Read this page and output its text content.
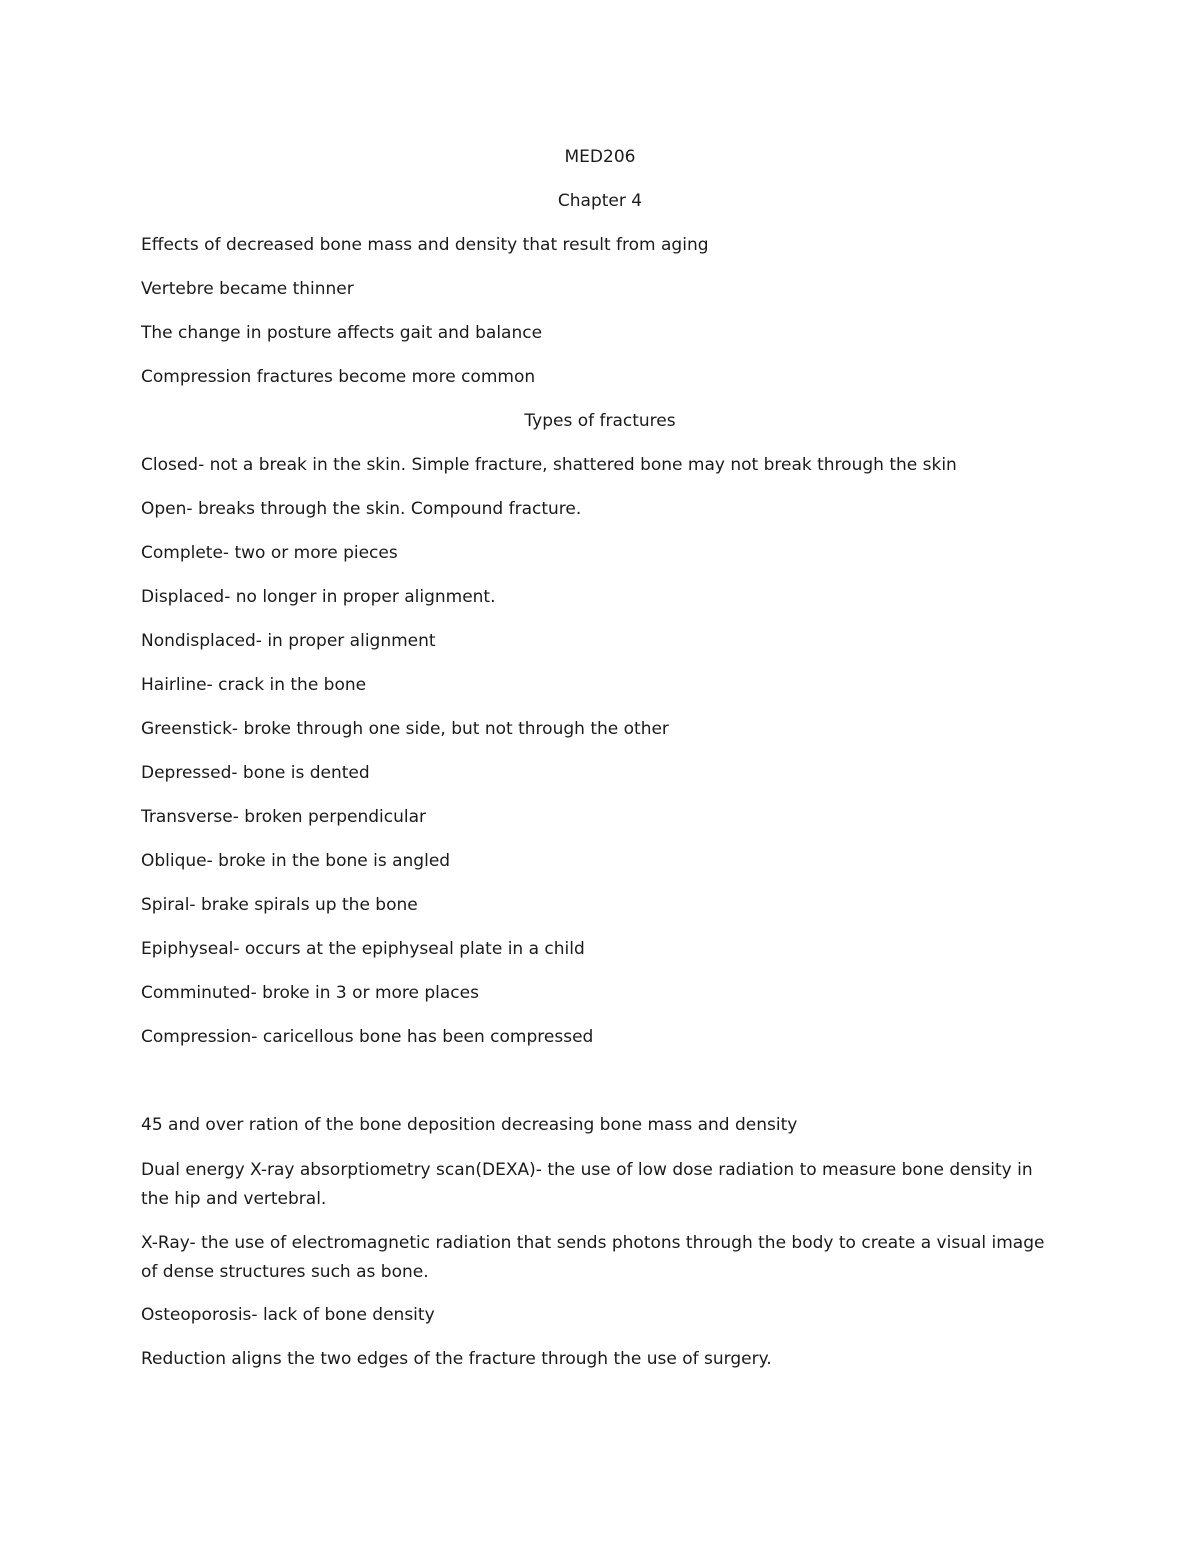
MED206

Chapter 4

Effects of decreased bone mass and density that result from aging

Vertebre became thinner

The change in posture affects gait and balance

Compression fractures become more common

Types of fractures

Closed- not a break in the skin. Simple fracture, shattered bone may not break through the skin

Open- breaks through the skin. Compound fracture.

Complete- two or more pieces

Displaced- no longer in proper alignment.

Nondisplaced- in proper alignment

Hairline- crack in the bone

Greenstick- broke through one side, but not through the other

Depressed- bone is dented

Transverse- broken perpendicular

Oblique- broke in the bone is angled

Spiral- brake spirals up the bone

Epiphyseal- occurs at the epiphyseal plate in a child

Comminuted- broke in 3 or more places

Compression- caricellous bone has been compressed

45 and over ration of the bone deposition decreasing bone mass and density

Dual energy X-ray absorptiometry scan(DEXA)- the use of low dose radiation to measure bone density in the hip and vertebral.

X-Ray- the use of electromagnetic radiation that sends photons through the body to create a visual image of dense structures such as bone.

Osteoporosis- lack of bone density

Reduction aligns the two edges of the fracture through the use of surgery.
